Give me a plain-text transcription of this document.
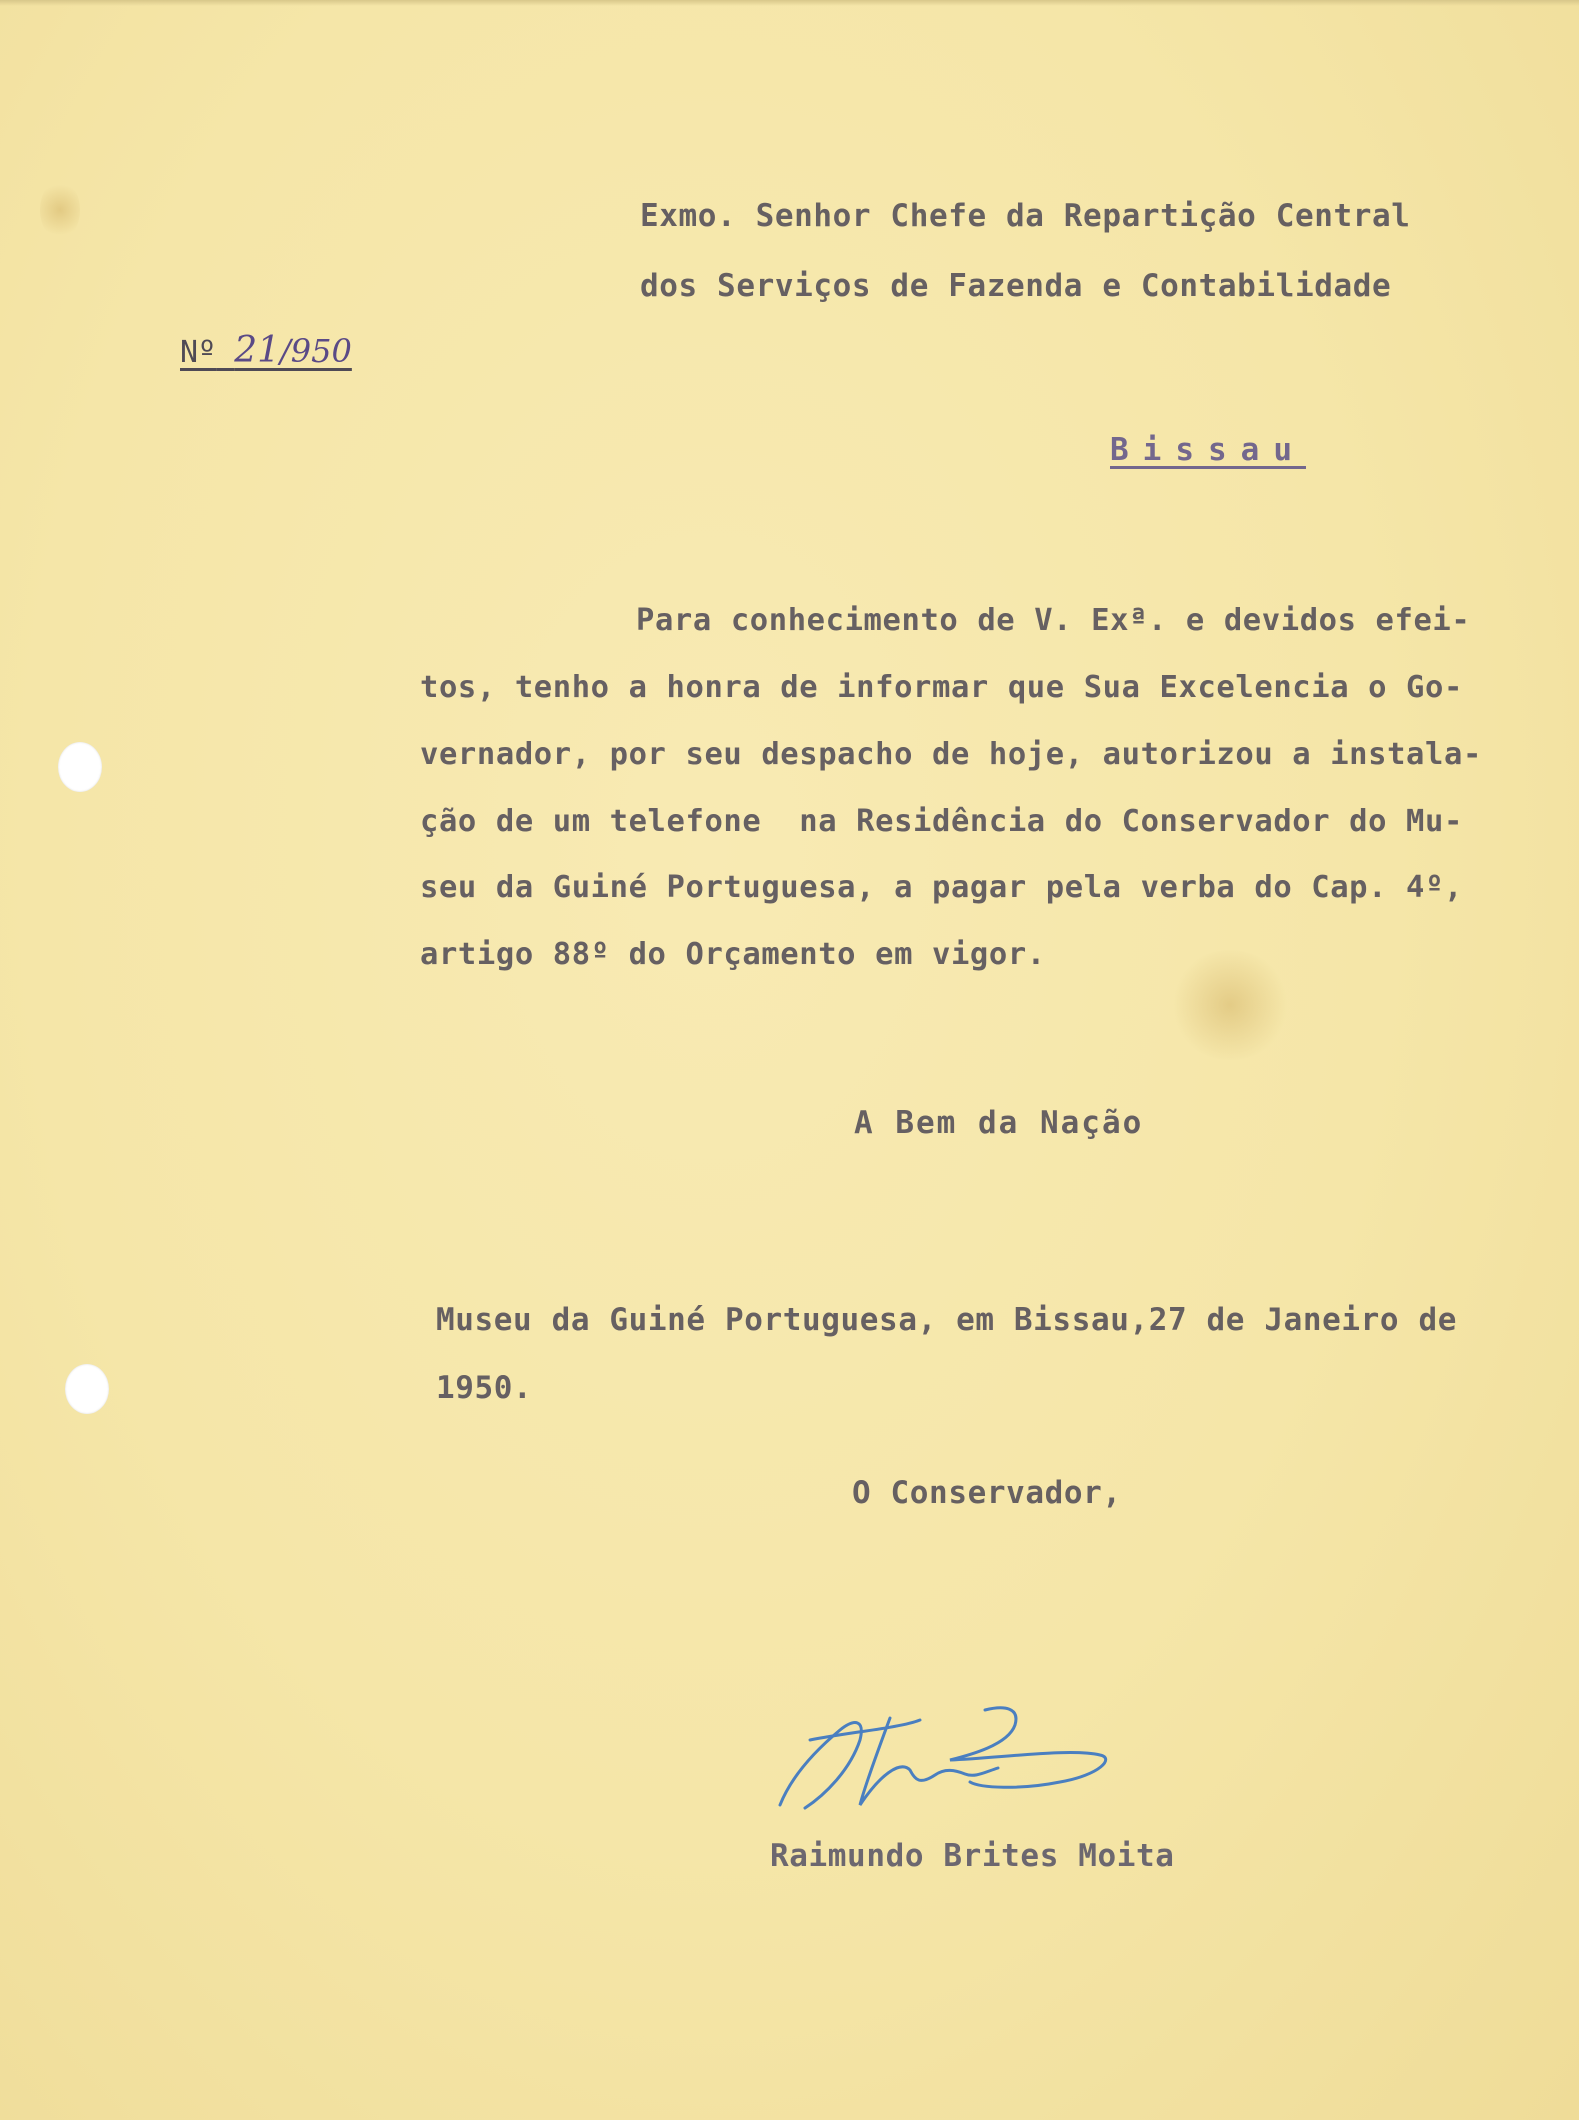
Exmo. Senhor Chefe da Repartição Central
dos Serviços de Fazenda e Contabilidade
Nº 21/950
Bissau
Para conhecimento de V. Exª. e devidos efei-
tos, tenho a honra de informar que Sua Excelencia o Go-
vernador, por seu despacho de hoje, autorizou a instala-
ção de um telefone  na Residência do Conservador do Mu-
seu da Guiné Portuguesa, a pagar pela verba do Cap. 4º,
artigo 88º do Orçamento em vigor.
A Bem da Nação
Museu da Guiné Portuguesa, em Bissau,27 de Janeiro de
1950.
O Conservador,
Raimundo Brites Moita
